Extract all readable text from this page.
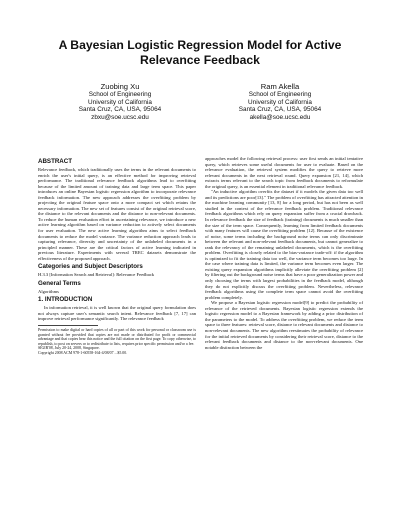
A Bayesian Logistic Regression Model for Active Relevance Feedback
Zuobing Xu
School of Engineering
University of California
Santa Cruz, CA, USA, 95064
zbxu@soe.ucsc.edu
Ram Akella
School of Engineering
University of California
Santa Cruz, CA, USA, 95064
akella@soe.ucsc.edu
ABSTRACT

Relevance feedback, which traditionally uses the terms in the relevant documents to enrich the user's initial query, is an effective method for improving retrieval performance. The traditional relevance feedback algorithms lead to overfitting because of the limited amount of training data and large term space. This paper introduces an online Bayesian logistic regression algorithm to incorporate relevance feedback information. The new approach addresses the overfitting problem by projecting the original feature space onto a more compact set which retains the necessary information. The new set of features consist of the original retrieval score, the distance to the relevant documents and the distance to non-relevant documents. To reduce the human evaluation effort in ascertaining relevance, we introduce a new active learning algorithm based on variance reduction to actively select documents for user evaluation. The new active learning algorithm aims to select feedback documents to reduce the model variance. The variance reduction approach leads to capturing relevance, diversity and uncertainty of the unlabeled documents in a principled manner. These are the critical factors of active learning indicated in previous literature. Experiments with several TREC datasets demonstrate the effectiveness of the proposed approach.

Categories and Subject Descriptors

H.3.3 [Information Search and Retrieval]: Relevance Feedback

General Terms

Algorithms

1. INTRODUCTION

In information retrieval, it is well known that the original query formulation does not always capture user's semantic search intent. Relevance feedback [7, 17] can improve retrieval performance significantly. The relevance feedback

Permission to make digital or hard copies of all or part of this work for personal or classroom use is granted without fee provided that copies are not made or distributed for profit or commercial advantage and that copies bear this notice and the full citation on the first page. To copy otherwise, to republish, to post on servers or to redistribute to lists, requires prior specific permission and/or a fee.

SIGIR'08, July 20-24, 2008, Singapore.

Copyright 2008 ACM 978-1-60558-164-4/08/07 ...$5.00.

approaches model the following retrieval process: user first sends an initial tentative query, which retrieves some useful documents for user to evaluate. Based on the relevance evaluation, the retrieval system modifies the query to retrieve more relevant documents in the next retrieval round. Query expansion [21, 14], which extracts terms relevant to the search topic from feedback documents to reformulate the original query, is an essential element in traditional relevance feedback.

"An inductive algorithm overfits the dataset if it models the given data too well and its predictions are poor[13]." The problem of overfitting has attracted attention in the machine learning community [13, 8] for a long period, but has not been as well studied in the context of the relevance feedback problem. Traditional relevance feedback algorithms which rely on query expansion suffer from a crucial drawback. In relevance feedback the size of feedback (training) documents is much smaller than the size of the term space. Consequently, learning from limited feedback documents with many features will cause the overfitting problem [12]. Because of the existence of noise, some terms including the background noise terms can only discriminate between the relevant and non-relevant feedback documents, but cannot generalize to rank the relevancy of the remaining unlabeled documents, which is the overfitting problem. Overfitting is closely related to the bias-variance trade-off: if the algorithm is optimized to fit the training data too well, the variance term becomes too large. In the case where training data is limited, the variance term becomes even larger. The existing query expansion algorithms implicitly alleviate the overfitting problem [2] by filtering out the background noise terms that have a poor generalization power and only choosing the terms with largest probabilities in the feedback model, although they do not explicitly discuss the overfitting problem. Nevertheless, relevance feedback algorithms using the complete term space cannot avoid the overfitting problem completely.

We propose a Bayesian logistic regression model[9] to predict the probability of relevance of the retrieved documents. Bayesian logistic regression extends the logistic regression model to a Bayesian framework by adding a prior distribution of the parameters to the model. To address the overfitting problem, we reduce the term space to three features: retrieval score, distance to relevant documents and distance to non-relevant documents. The new algorithm reestimates the probability of relevance for the initial retrieved documents by considering their retrieval score, distance to the relevant feedback documents and distance to the non-relevant documents. One notable distinction between the
